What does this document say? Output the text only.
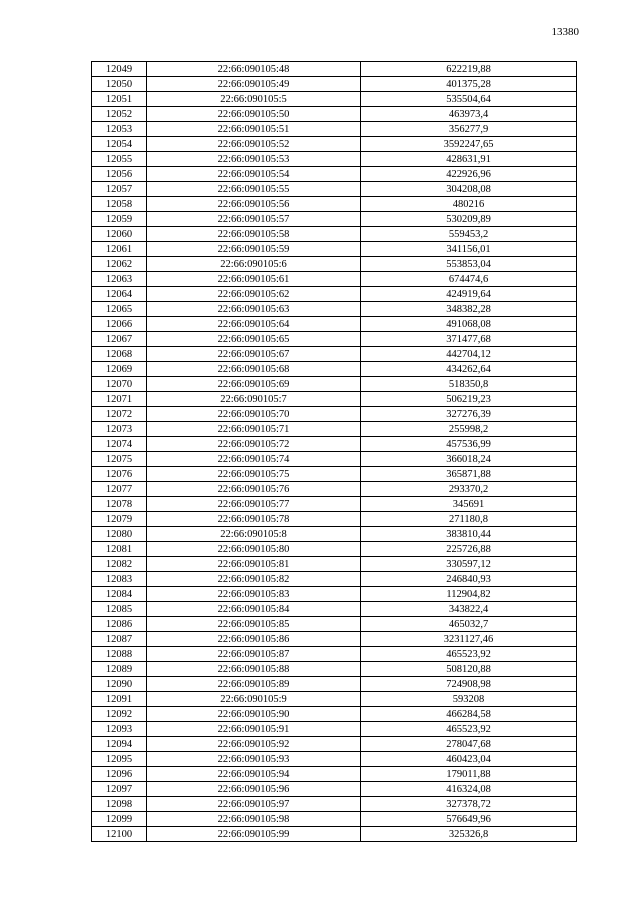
13380
12049	22:66:090105:48	622219,88
12050	22:66:090105:49	401375,28
12051	22:66:090105:5	535504,64
12052	22:66:090105:50	463973,4
12053	22:66:090105:51	356277,9
12054	22:66:090105:52	3592247,65
12055	22:66:090105:53	428631,91
12056	22:66:090105:54	422926,96
12057	22:66:090105:55	304208,08
12058	22:66:090105:56	480216
12059	22:66:090105:57	530209,89
12060	22:66:090105:58	559453,2
12061	22:66:090105:59	341156,01
12062	22:66:090105:6	553853,04
12063	22:66:090105:61	674474,6
12064	22:66:090105:62	424919,64
12065	22:66:090105:63	348382,28
12066	22:66:090105:64	491068,08
12067	22:66:090105:65	371477,68
12068	22:66:090105:67	442704,12
12069	22:66:090105:68	434262,64
12070	22:66:090105:69	518350,8
12071	22:66:090105:7	506219,23
12072	22:66:090105:70	327276,39
12073	22:66:090105:71	255998,2
12074	22:66:090105:72	457536,99
12075	22:66:090105:74	366018,24
12076	22:66:090105:75	365871,88
12077	22:66:090105:76	293370,2
12078	22:66:090105:77	345691
12079	22:66:090105:78	271180,8
12080	22:66:090105:8	383810,44
12081	22:66:090105:80	225726,88
12082	22:66:090105:81	330597,12
12083	22:66:090105:82	246840,93
12084	22:66:090105:83	112904,82
12085	22:66:090105:84	343822,4
12086	22:66:090105:85	465032,7
12087	22:66:090105:86	3231127,46
12088	22:66:090105:87	465523,92
12089	22:66:090105:88	508120,88
12090	22:66:090105:89	724908,98
12091	22:66:090105:9	593208
12092	22:66:090105:90	466284,58
12093	22:66:090105:91	465523,92
12094	22:66:090105:92	278047,68
12095	22:66:090105:93	460423,04
12096	22:66:090105:94	179011,88
12097	22:66:090105:96	416324,08
12098	22:66:090105:97	327378,72
12099	22:66:090105:98	576649,96
12100	22:66:090105:99	325326,8
